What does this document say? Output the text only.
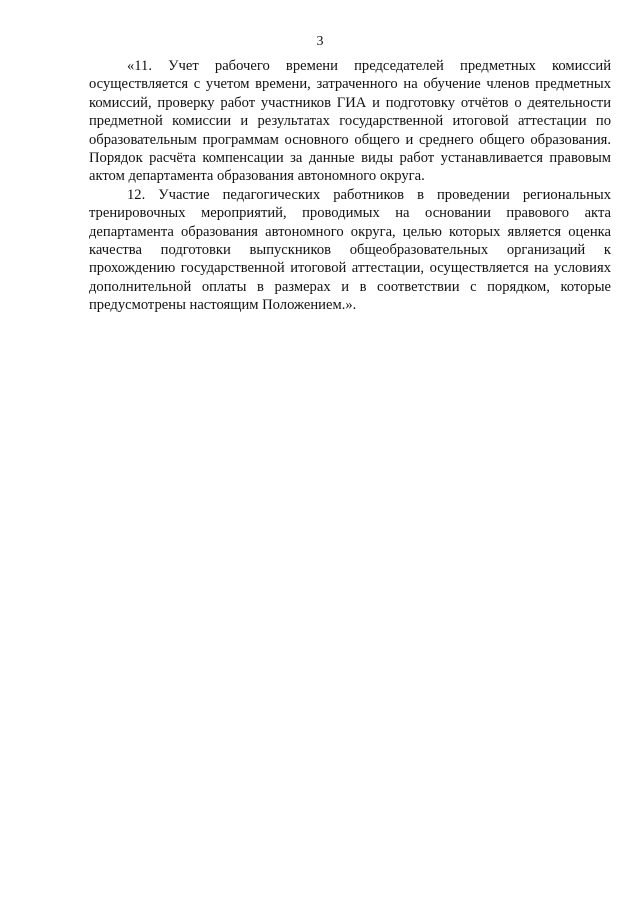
3

«11. Учет рабочего времени председателей предметных комиссий осуществляется с учетом времени, затраченного на обучение членов предметных комиссий, проверку работ участников ГИА и подготовку отчётов о деятельности предметной комиссии и результатах государственной итоговой аттестации по образовательным программам основного общего и среднего общего образования. Порядок расчёта компенсации за данные виды работ устанавливается правовым актом департамента образования автономного округа.

12. Участие педагогических работников в проведении региональных тренировочных мероприятий, проводимых на основании правового акта департамента образования автономного округа, целью которых является оценка качества подготовки выпускников общеобразовательных организаций к прохождению государственной итоговой аттестации, осуществляется на условиях дополнительной оплаты в размерах и в соответствии с порядком, которые предусмотрены настоящим Положением.».
